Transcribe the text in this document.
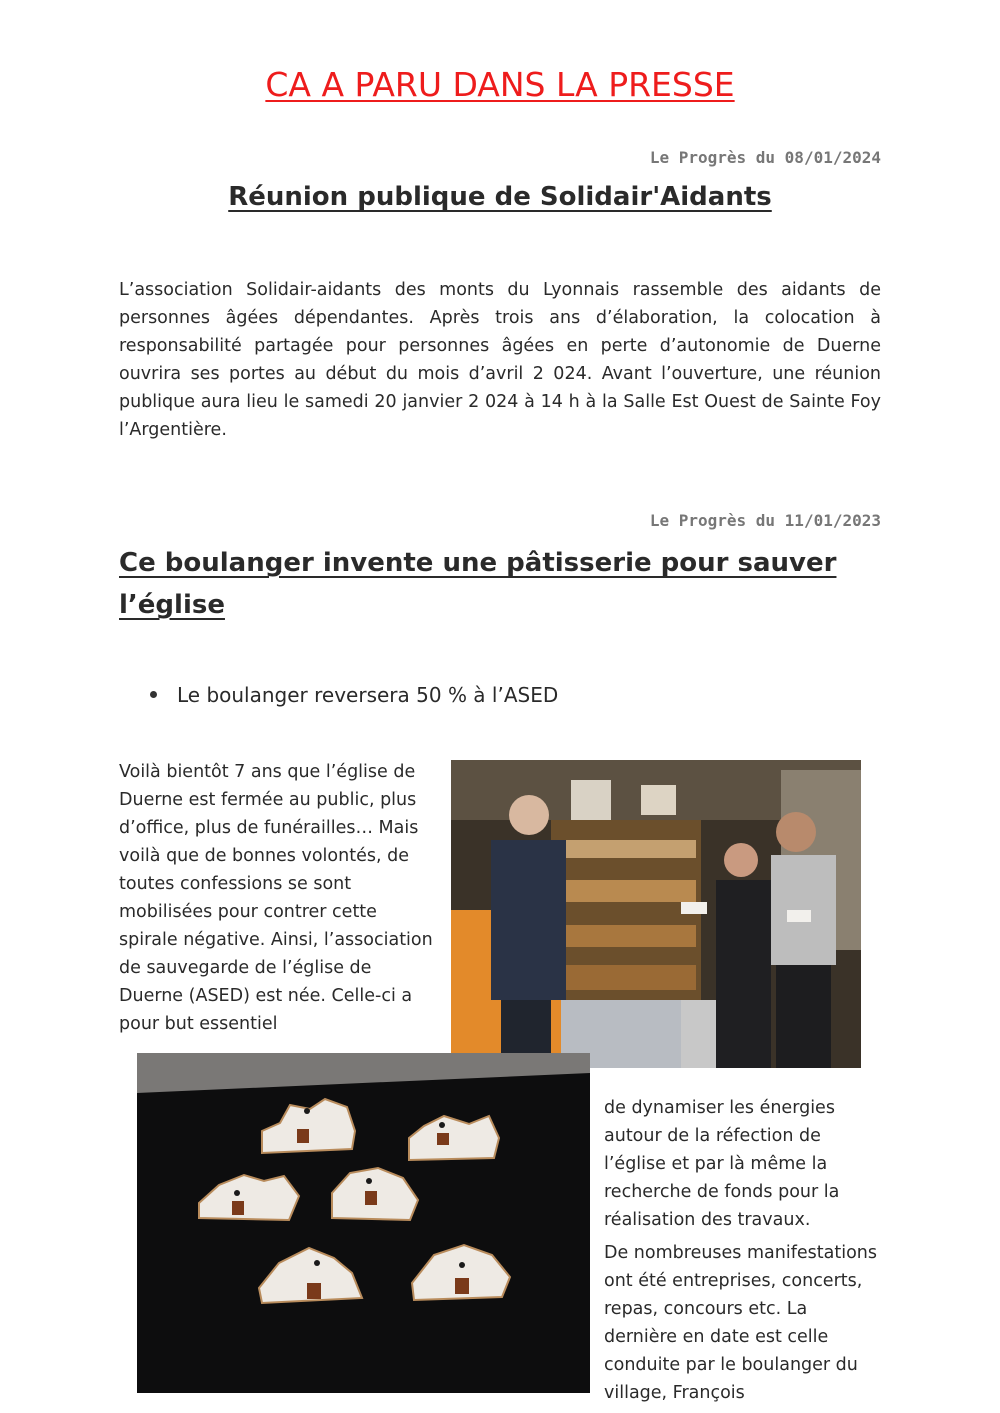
CA A PARU DANS LA PRESSE

Le Progrès du 08/01/2024

Réunion publique de Solidair'Aidants

L’association Solidair-aidants des monts du Lyonnais rassemble des aidants de personnes âgées dépendantes. Après trois ans d’élaboration, la colocation à responsabilité partagée pour personnes âgées en perte d’autonomie de Duerne ouvrira ses portes au début du mois d’avril 2 024. Avant l’ouverture, une réunion publique aura lieu le samedi 20 janvier 2 024 à 14 h à la Salle Est Ouest de Sainte Foy l’Argentière.

Le Progrès du 11/01/2023

Ce boulanger invente une pâtisserie pour sauver l’église
Le boulanger reversera 50 % à l’ASED

Voilà bientôt 7 ans que l’église de Duerne est fermée au public, plus d’office, plus de funérailles… Mais voilà que de bonnes volontés, de toutes confessions se sont mobilisées pour contrer cette spirale négative. Ainsi, l’association de sauvegarde de l’église de Duerne (ASED) est née. Celle-ci a pour but essentiel

de dynamiser les énergies autour de la réfection de l’église et par là même la recherche de fonds pour la réalisation des travaux.

De nombreuses manifestations ont été entreprises, concerts, repas, concours etc. La dernière en date est celle conduite par le boulanger du village, François
